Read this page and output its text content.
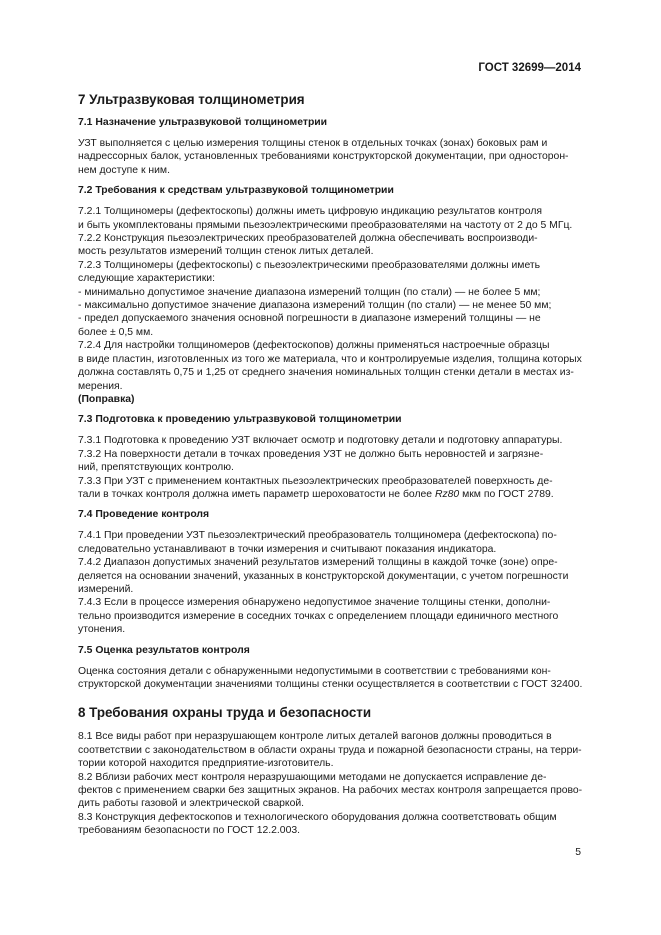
ГОСТ 32699—2014
7 Ультразвуковая толщинометрия
7.1 Назначение ультразвуковой толщинометрии

УЗТ выполняется с целью измерения толщины стенок в отдельных точках (зонах) боковых рам и

надрессорных балок, установленных требованиями конструкторской документации, при односторон-

нем доступе к ним.

7.2 Требования к средствам ультразвуковой толщинометрии

7.2.1 Толщиномеры (дефектоскопы) должны иметь цифровую индикацию результатов контроля

и быть укомплектованы прямыми пьезоэлектрическими преобразователями на частоту от 2 до 5 МГц.

7.2.2 Конструкция пьезоэлектрических преобразователей должна обеспечивать воспроизводи-

мость результатов измерений толщин стенок литых деталей.

7.2.3 Толщиномеры (дефектоскопы) с пьезоэлектрическими преобразователями должны иметь

следующие характеристики:

- минимально допустимое значение диапазона измерений толщин (по стали) — не более 5 мм;

- максимально допустимое значение диапазона измерений толщин (по стали) — не менее 50 мм;

- предел допускаемого значения основной погрешности в диапазоне измерений толщины — не

более ± 0,5 мм.

7.2.4 Для настройки толщиномеров (дефектоскопов) должны применяться настроечные образцы

в виде пластин, изготовленных из того же материала, что и контролируемые изделия, толщина которых

должна составлять 0,75 и 1,25 от среднего значения номинальных толщин стенки детали в местах из-

мерения.

(Поправка)

7.3 Подготовка к проведению ультразвуковой толщинометрии

7.3.1 Подготовка к проведению УЗТ включает осмотр и подготовку детали и подготовку аппаратуры.

7.3.2 На поверхности детали в точках проведения УЗТ не должно быть неровностей и загрязне-

ний, препятствующих контролю.

7.3.3 При УЗТ с применением контактных пьезоэлектрических преобразователей поверхность де-

тали в точках контроля должна иметь параметр шероховатости не более Rz80 мкм по ГОСТ 2789.

7.4 Проведение контроля

7.4.1 При проведении УЗТ пьезоэлектрический преобразователь толщиномера (дефектоскопа) по-

следовательно устанавливают в точки измерения и считывают показания индикатора.

7.4.2 Диапазон допустимых значений результатов измерений толщины в каждой точке (зоне) опре-

деляется на основании значений, указанных в конструкторской документации, с учетом погрешности

измерений.

7.4.3 Если в процессе измерения обнаружено недопустимое значение толщины стенки, дополни-

тельно производится измерение в соседних точках с определением площади единичного местного

утонения.

7.5 Оценка результатов контроля

Оценка состояния детали с обнаруженными недопустимыми в соответствии с требованиями кон-

структорской документации значениями толщины стенки осуществляется в соответствии с ГОСТ 32400.

8 Требования охраны труда и безопасности

8.1 Все виды работ при неразрушающем контроле литых деталей вагонов должны проводиться в

соответствии с законодательством в области охраны труда и пожарной безопасности страны, на терри-

тории которой находится предприятие-изготовитель.

8.2 Вблизи рабочих мест контроля неразрушающими методами не допускается исправление де-

фектов с применением сварки без защитных экранов. На рабочих местах контроля запрещается прово-

дить работы газовой и электрической сваркой.

8.3 Конструкция дефектоскопов и технологического оборудования должна соответствовать общим

требованиям безопасности по ГОСТ 12.2.003.

5
